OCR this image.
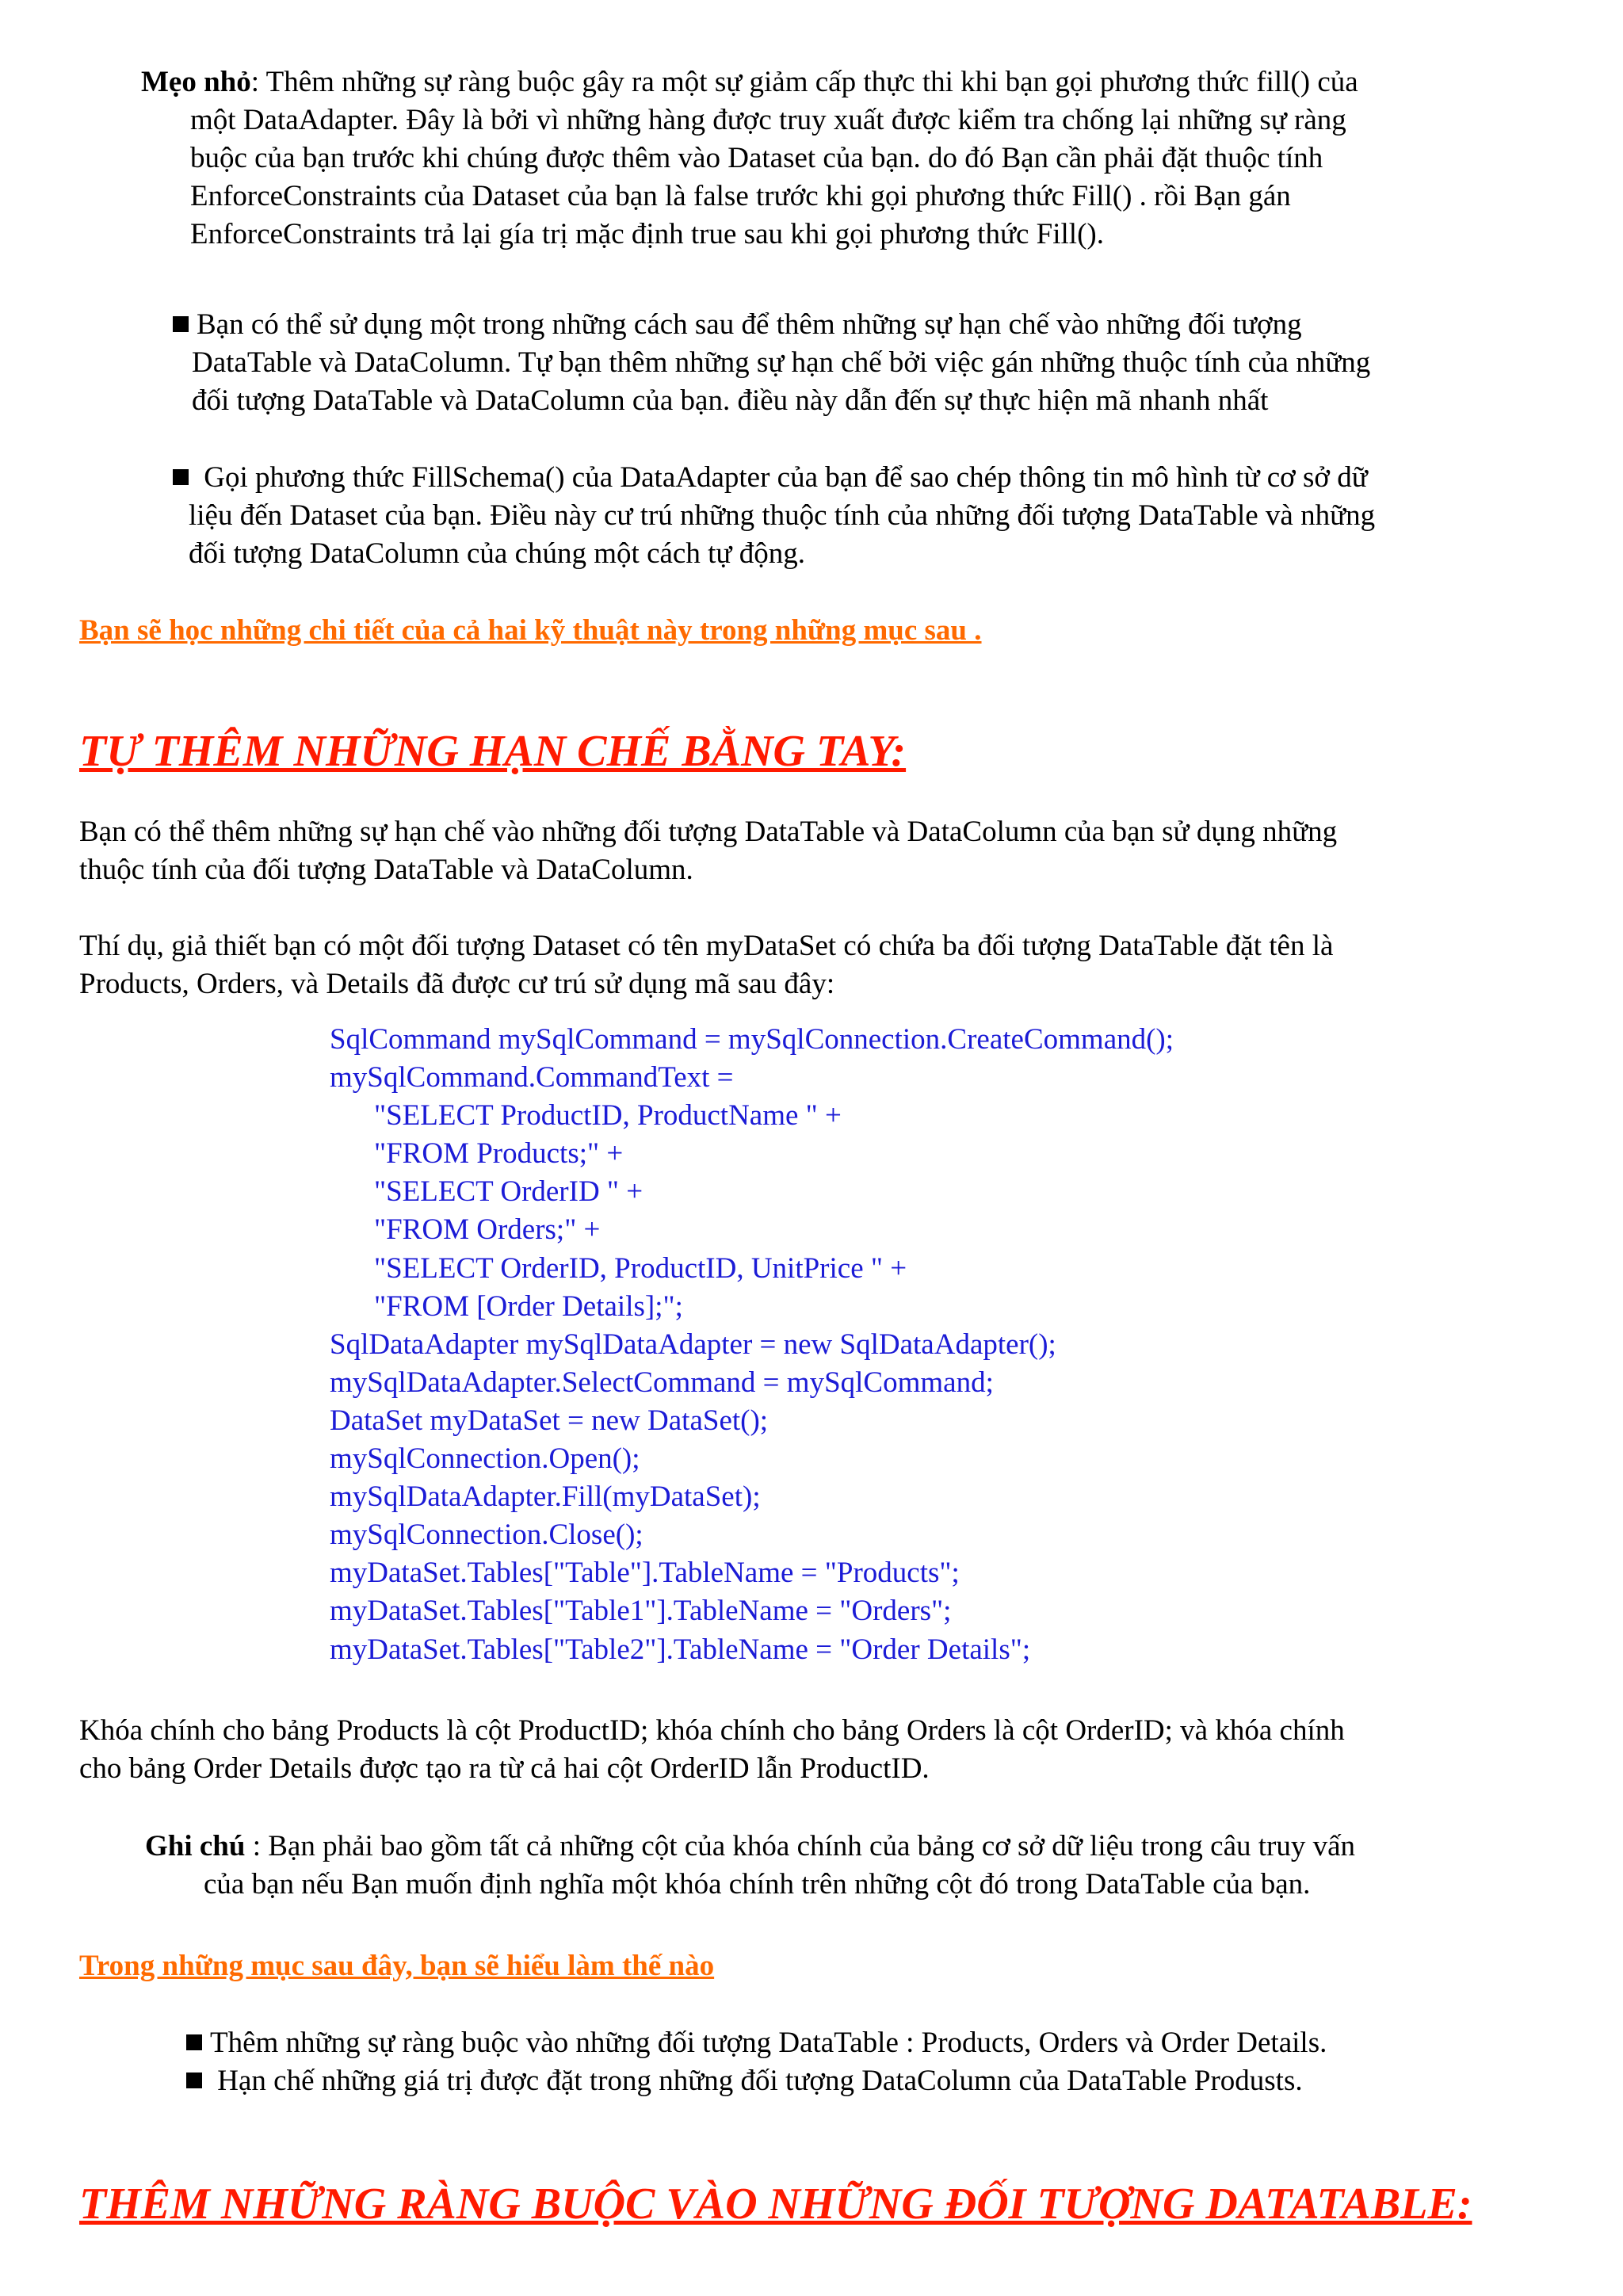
Mẹo nhỏ: Thêm những sự ràng buộc gây ra một sự giảm cấp thực thi khi bạn gọi phương thức fill() của
một DataAdapter. Đây là bởi vì những hàng được truy xuất được kiểm tra chống lại những sự ràng
buộc của bạn trước khi chúng được thêm vào Dataset của bạn. do đó Bạn cần phải đặt thuộc tính
EnforceConstraints của Dataset của bạn là false trước khi gọi phương thức Fill() . rồi Bạn gán
EnforceConstraints trả lại gía trị mặc định true sau khi gọi phương thức Fill().
Bạn có thể sử dụng một trong những cách sau để thêm những sự hạn chế vào những đối tượng
DataTable và DataColumn. Tự bạn thêm những sự hạn chế bởi việc gán những thuộc tính của những
đối tượng DataTable và DataColumn của bạn. điều này dẫn đến sự thực hiện mã nhanh nhất
Gọi phương thức FillSchema() của DataAdapter của bạn để sao chép thông tin mô hình từ cơ sở dữ
liệu đến Dataset của bạn. Điều này cư trú những thuộc tính của những đối tượng DataTable và những
đối tượng DataColumn của chúng một cách tự động.
Bạn sẽ học những chi tiết của cả hai kỹ thuật này trong những mục sau .
TỰ THÊM NHỮNG HẠN CHẾ BẰNG TAY:
Bạn có thể thêm những sự hạn chế vào những đối tượng DataTable và DataColumn của bạn sử dụng những
thuộc tính của đối tượng DataTable và DataColumn.
Thí dụ, giả thiết bạn có một đối tượng Dataset có tên myDataSet có chứa ba đối tượng DataTable đặt tên là
Products, Orders, và Details đã được cư trú sử dụng mã sau đây:
SqlCommand mySqlCommand = mySqlConnection.CreateCommand();
mySqlCommand.CommandText =
"SELECT ProductID, ProductName " +
"FROM Products;" +
"SELECT OrderID " +
"FROM Orders;" +
"SELECT OrderID, ProductID, UnitPrice " +
"FROM [Order Details];";
SqlDataAdapter mySqlDataAdapter = new SqlDataAdapter();
mySqlDataAdapter.SelectCommand = mySqlCommand;
DataSet myDataSet = new DataSet();
mySqlConnection.Open();
mySqlDataAdapter.Fill(myDataSet);
mySqlConnection.Close();
myDataSet.Tables["Table"].TableName = "Products";
myDataSet.Tables["Table1"].TableName = "Orders";
myDataSet.Tables["Table2"].TableName = "Order Details";
Khóa chính cho bảng Products là cột ProductID; khóa chính cho bảng Orders là cột OrderID; và khóa chính
cho bảng Order Details được tạo ra từ cả hai cột OrderID lẫn ProductID.
Ghi chú : Bạn phải bao gồm tất cả những cột của khóa chính của bảng cơ sở dữ liệu trong câu truy vấn
của bạn nếu Bạn muốn định nghĩa một khóa chính trên những cột đó trong DataTable của bạn.
Trong những mục sau đây, bạn sẽ hiểu làm thế nào
Thêm những sự ràng buộc vào những đối tượng DataTable : Products, Orders và Order Details.
Hạn chế những giá trị được đặt trong những đối tượng DataColumn của DataTable Produsts.
THÊM NHỮNG RÀNG BUỘC VÀO NHỮNG ĐỐI TƯỢNG DATATABLE:
